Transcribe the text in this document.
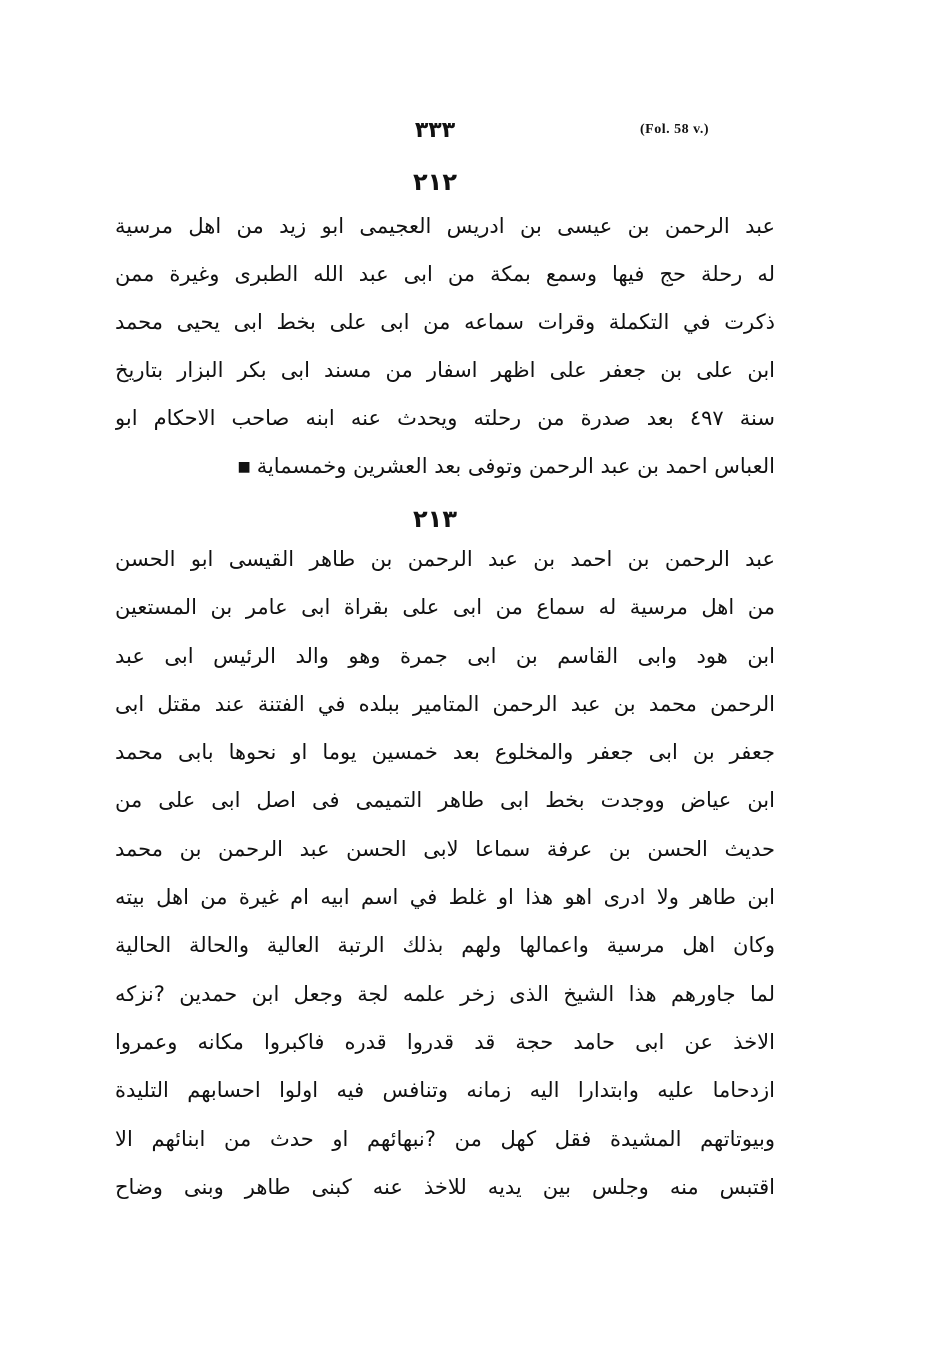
٣٣٣	(Fol. 58 v.)
٢١٢
عبد الرحمن بن عيسى بن ادريس العجيمى ابو زيد من اهل مرسية
له رحلة حج فيها وسمع بمكة من ابى عبد الله الطبرى وغيرة ممن
ذكرت في التكملة وقرات سماعه من ابى على بخط ابى يحيى محمد
ابن على بن جعفر على اظهر اسفار من مسند ابى بكر البزار بتاريخ
سنة ٤٩٧ بعد صدرة من رحلته ويحدث عنه ابنه صاحب الاحكام ابو
العباس احمد بن عبد الرحمن وتوفى بعد العشرين وخمسماية■
٢١٣
عبد الرحمن بن احمد بن عبد الرحمن بن طاهر القيسى ابو الحسن
من اهل مرسية له سماع من ابى على بقراة ابى عامر بن المستعين
ابن هود وابى القاسم بن ابى جمرة وهو والد الرئيس ابى عبد
الرحمن محمد بن عبد الرحمن المتامير ببلده في الفتنة عند مقتل ابى
جعفر بن ابى جعفر والمخلوع بعد خمسين يوما او نحوها بابى محمد
ابن عياض ووجدت بخط ابى طاهر التميمى فى اصل ابى على من
حديث الحسن بن عرفة سماعا لابى الحسن عبد الرحمن بن محمد
ابن طاهر ولا ادرى اهو هذا او غلط في اسم ابيه ام غيرة من اهل بيته
وكان اهل مرسية واعمالها ولهم بذلك الرتبة العالية والحالة الحالية
لما جاورهم هذا الشيخ الذى زخر علمه لجة وجعل ابن حمدين ?نزكه
الاخذ عن ابى حامد حجة قد قدروا قدره فاكبروا مكانه وعمروا
ازدحاما عليه وابتدارا اليه زمانه وتنافس فيه اولوا احسابهم التليدة
وبيوتاتهم المشيدة فقل كهل من ?نبهائهم او حدث من ابنائهم الا
اقتبس منه وجلس بين يديه للاخذ عنه كبنى طاهر وبنى وضاح
